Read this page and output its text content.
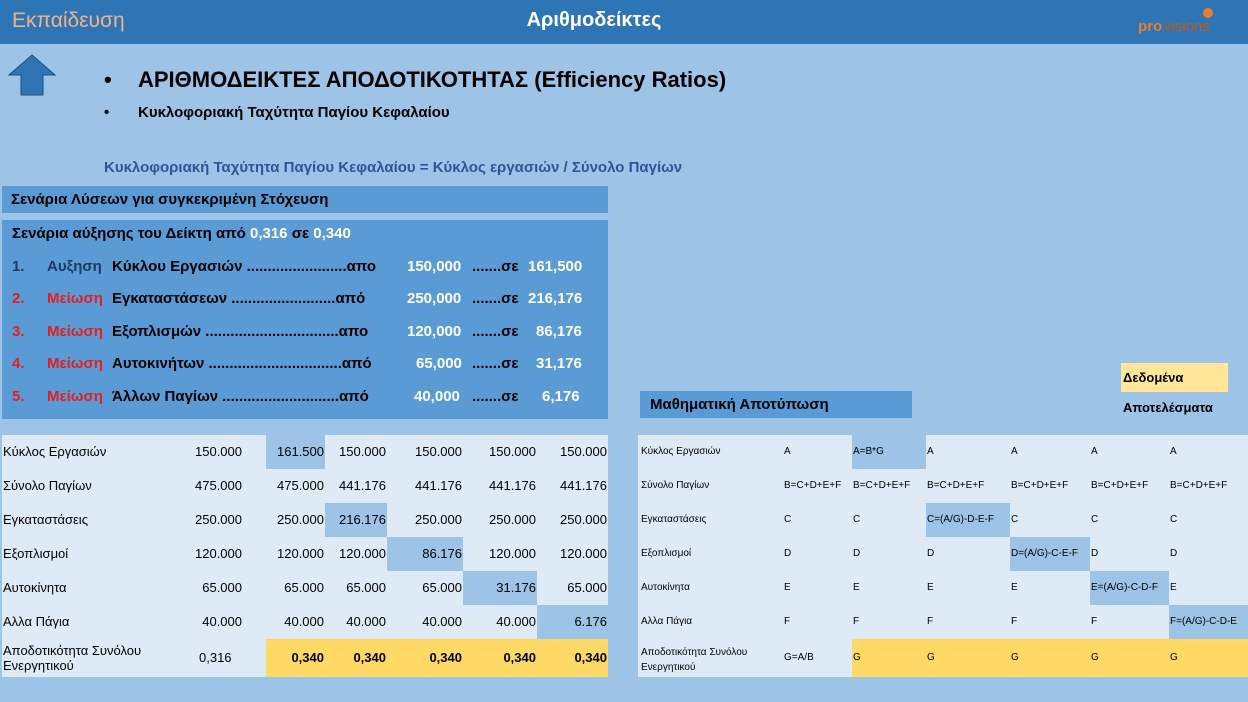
Εκπαίδευση	Αριθμοδείκτες	pro visions
• ΑΡΙΘΜΟΔΕΙΚΤΕΣ ΑΠΟΔΟΤΙΚΟΤΗΤΑΣ (Efficiency Ratios)
• Κυκλοφοριακή Ταχύτητα Παγίου Κεφαλαίου
Κυκλοφοριακή Ταχύτητα Παγίου Κεφαλαίου = Κύκλος εργασιών / Σύνολο Παγίων
Σενάρια Λύσεων για συγκεκριμένη Στόχευση
Σενάρια αύξησης του Δείκτη από 0,316 σε 0,340
1. Αυξηση Κύκλου Εργασιών ........................απο 150,000 .......σε 161,500
2. Μείωση Εγκαταστάσεων .........................από	250,000 .......σε 216,176
3. Μείωση Εξοπλισμών ................................απο	120,000 .......σε 86,176
4. Μείωση Αυτοκινήτων ................................από	65,000 .......σε 31,176
5. Μείωση Άλλων Παγίων ............................από	40,000 .......σε 6,176
Κύκλος Εργασιών	150.000	161.500	150.000	150.000	150.000	150.000
Σύνολο Παγίων	475.000	475.000	441.176	441.176	441.176	441.176
Εγκαταστάσεις	250.000	250.000	216.176	250.000	250.000	250.000
Εξοπλισμοί	120.000	120.000	120.000	86.176	120.000	120.000
Αυτοκίνητα	65.000	65.000	65.000	65.000	31.176	65.000
Αλλα Πάγια	40.000	40.000	40.000	40.000	40.000	6.176
Αποδοτικότητα Συνόλου
Ενεργητικού
0,316	0,340	0,340	0,340	0,340	0,340
Δεδομένα
Αποτελέσματα
Μαθηματική Αποτύπωση
Κύκλος Εργασιών	A	A=B*G	A	A	A	A
Σύνολο Παγίων	B=C+D+E+F	B=C+D+E+F	B=C+D+E+F	B=C+D+E+F	B=C+D+E+F	B=C+D+E+F
Εγκαταστάσεις	C	C	C=(A/G)-D-E-F	C	C	C
Εξοπλισμοί	D	D	D	D=(A/G)-C-E-F	D	D
Αυτοκίνητα	E	E	E	E	E=(A/G)-C-D-F	E
Αλλα Πάγια	F	F	F	F	F	F=(A/G)-C-D-E
Αποδοτικότητα Συνόλου
Ενεργητικού
G=A/B	G	G	G	G	G
